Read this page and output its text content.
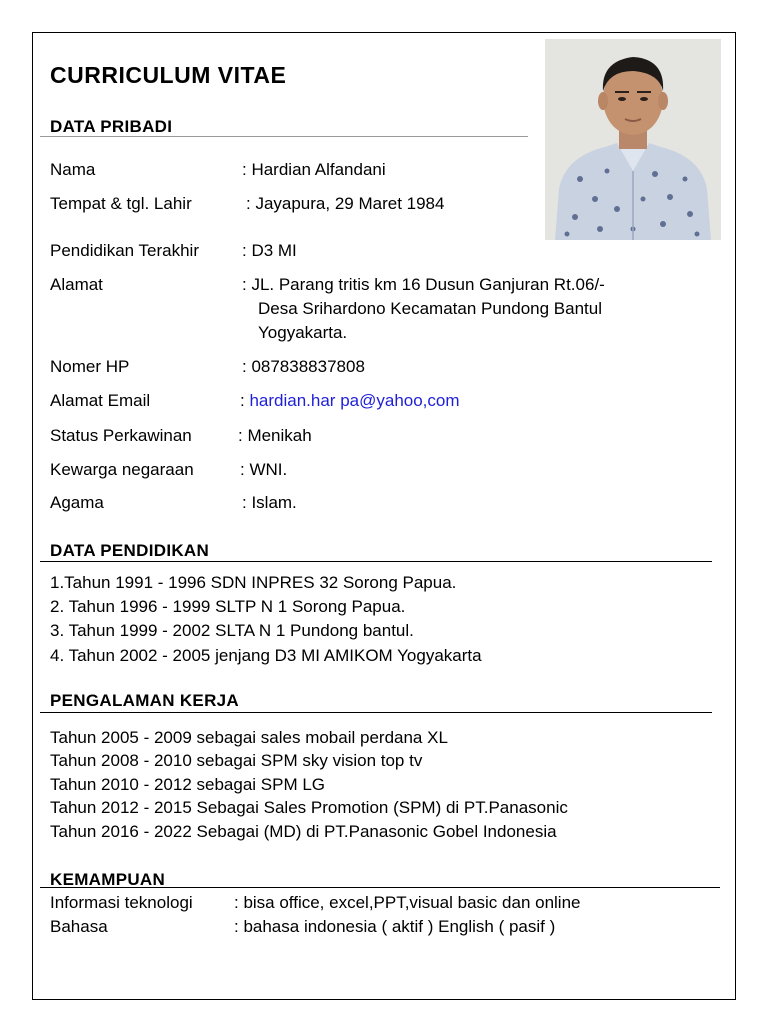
CURRICULUM VITAE
DATA PRIBADI
Nama	: Hardian Alfandani
Tempat & tgl. Lahir	: Jayapura, 29 Maret 1984
Pendidikan Terakhir	: D3 MI
Alamat	: JL. Parang tritis km 16 Dusun Ganjuran Rt.06/-
Desa Srihardono Kecamatan Pundong Bantul
Yogyakarta.
Nomer HP	: 087838837808
Alamat Email	: hardian.har pa@yahoo,com
Status Perkawinan	: Menikah
Kewarga negaraan	: WNI.
Agama	: Islam.
DATA PENDIDIKAN
1.Tahun 1991 - 1996 SDN INPRES 32 Sorong Papua.
2. Tahun 1996 - 1999 SLTP N 1 Sorong Papua.
3. Tahun 1999 - 2002 SLTA N 1 Pundong bantul.
4. Tahun 2002 - 2005 jenjang D3 MI AMIKOM Yogyakarta
PENGALAMAN KERJA
Tahun 2005 - 2009 sebagai sales mobail perdana XL
Tahun 2008 - 2010 sebagai SPM sky vision top tv
Tahun 2010 - 2012 sebagai SPM LG
Tahun 2012 - 2015 Sebagai Sales Promotion (SPM) di PT.Panasonic
Tahun 2016 - 2022 Sebagai (MD) di PT.Panasonic Gobel Indonesia
KEMAMPUAN
Informasi teknologi : bisa office, excel,PPT,visual basic dan online
Bahasa	: bahasa indonesia ( aktif ) English ( pasif )
